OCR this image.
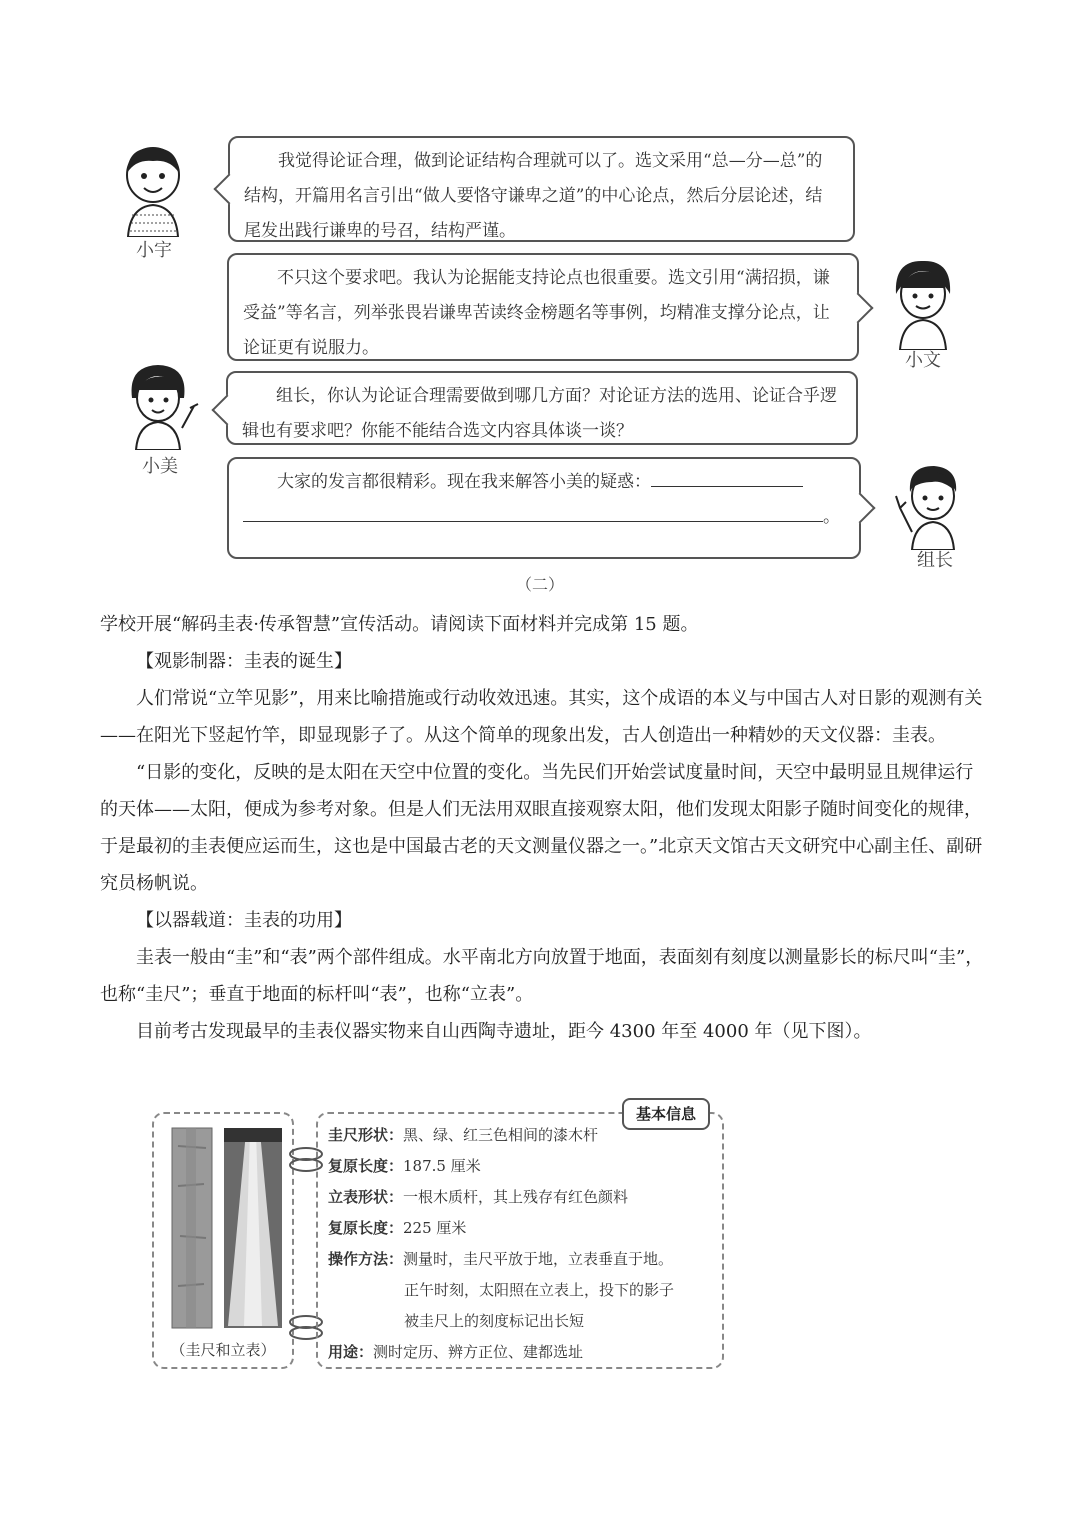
小宇

我觉得论证合理，做到论证结构合理就可以了。选文采用“总—分—总”的结构，开篇用名言引出“做人要恪守谦卑之道”的中心论点，然后分层论述，结尾发出践行谦卑的号召，结构严谨。

不只这个要求吧。我认为论据能支持论点也很重要。选文引用“满招损，谦受益”等名言，列举张畏岩谦卑苦读终金榜题名等事例，均精准支撑分论点，让论证更有说服力。

小文
小美

组长，你认为论证合理需要做到哪几方面？对论证方法的选用、论证合乎逻辑也有要求吧？你能不能结合选文内容具体谈一谈？

大家的发言都很精彩。现在我来解答小美的疑惑：

。

组长
（二）

学校开展“解码圭表·传承智慧”宣传活动。请阅读下面材料并完成第 15 题。

【观影制器：圭表的诞生】

人们常说“立竿见影”，用来比喻措施或行动收效迅速。其实，这个成语的本义与中国古人对日影的观测有关——在阳光下竖起竹竿，即显现影子了。从这个简单的现象出发，古人创造出一种精妙的天文仪器：圭表。

“日影的变化，反映的是太阳在天空中位置的变化。当先民们开始尝试度量时间，天空中最明显且规律运行的天体——太阳，便成为参考对象。但是人们无法用双眼直接观察太阳，他们发现太阳影子随时间变化的规律，于是最初的圭表便应运而生，这也是中国最古老的天文测量仪器之一。”北京天文馆古天文研究中心副主任、副研究员杨帆说。

【以器载道：圭表的功用】

圭表一般由“圭”和“表”两个部件组成。水平南北方向放置于地面，表面刻有刻度以测量影长的标尺叫“圭”，也称“圭尺”；垂直于地面的标杆叫“表”，也称“立表”。

目前考古发现最早的圭表仪器实物来自山西陶寺遗址，距今 4300 年至 4000 年（见下图）。

（圭尺和立表）
圭尺形状：黑、绿、红三色相间的漆木杆
复原长度：187.5 厘米
立表形状：一根木质杆，其上残存有红色颜料
复原长度：225 厘米
操作方法：测量时，圭尺平放于地，立表垂直于地。
正午时刻，太阳照在立表上，投下的影子
被圭尺上的刻度标记出长短
用途：测时定历、辨方正位、建都选址
基本信息
